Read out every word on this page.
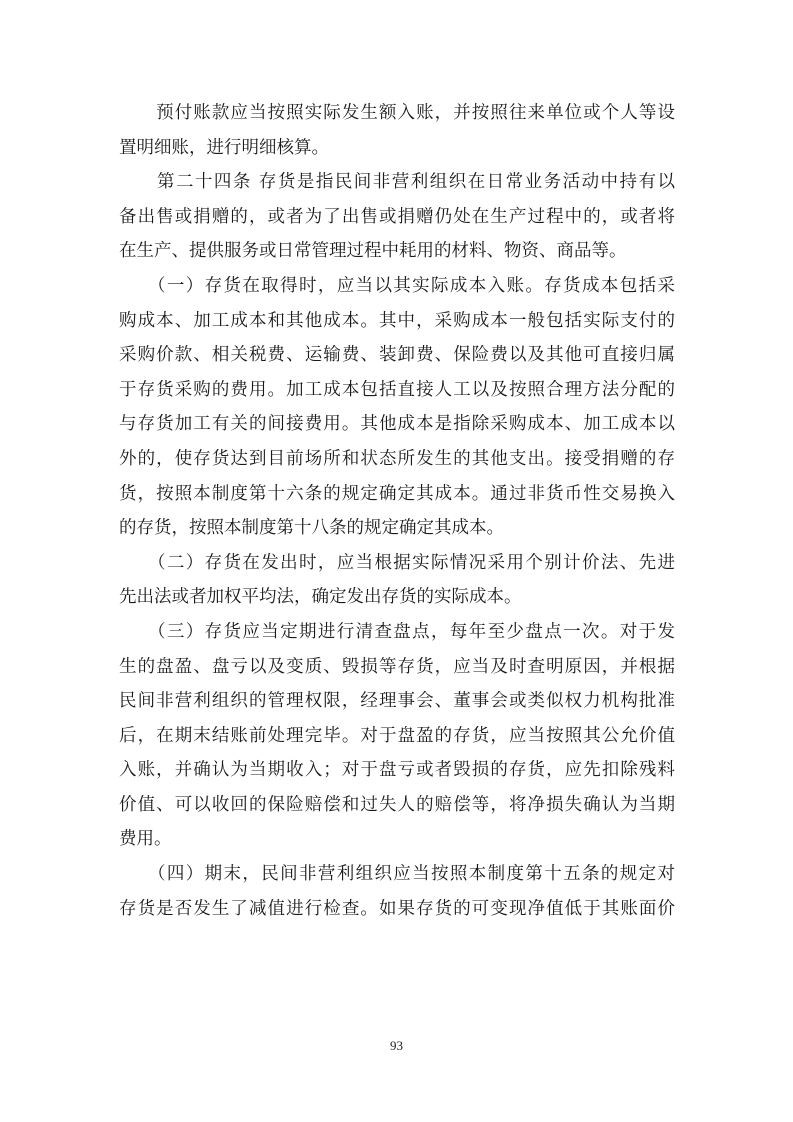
　　预付账款应当按照实际发生额入账，并按照往来单位或个人等设
置明细账，进行明细核算。
　　第二十四条 存货是指民间非营利组织在日常业务活动中持有以
备出售或捐赠的，或者为了出售或捐赠仍处在生产过程中的，或者将
在生产、提供服务或日常管理过程中耗用的材料、物资、商品等。
　　（一）存货在取得时，应当以其实际成本入账。存货成本包括采
购成本、加工成本和其他成本。其中，采购成本一般包括实际支付的
采购价款、相关税费、运输费、装卸费、保险费以及其他可直接归属
于存货采购的费用。加工成本包括直接人工以及按照合理方法分配的
与存货加工有关的间接费用。其他成本是指除采购成本、加工成本以
外的，使存货达到目前场所和状态所发生的其他支出。接受捐赠的存
货，按照本制度第十六条的规定确定其成本。通过非货币性交易换入
的存货，按照本制度第十八条的规定确定其成本。
　　（二）存货在发出时，应当根据实际情况采用个别计价法、先进
先出法或者加权平均法，确定发出存货的实际成本。
　　（三）存货应当定期进行清查盘点，每年至少盘点一次。对于发
生的盘盈、盘亏以及变质、毁损等存货，应当及时查明原因，并根据
民间非营利组织的管理权限，经理事会、董事会或类似权力机构批准
后，在期末结账前处理完毕。对于盘盈的存货，应当按照其公允价值
入账，并确认为当期收入；对于盘亏或者毁损的存货，应先扣除残料
价值、可以收回的保险赔偿和过失人的赔偿等，将净损失确认为当期
费用。
　　（四）期末，民间非营利组织应当按照本制度第十五条的规定对
存货是否发生了减值进行检查。如果存货的可变现净值低于其账面价
93
